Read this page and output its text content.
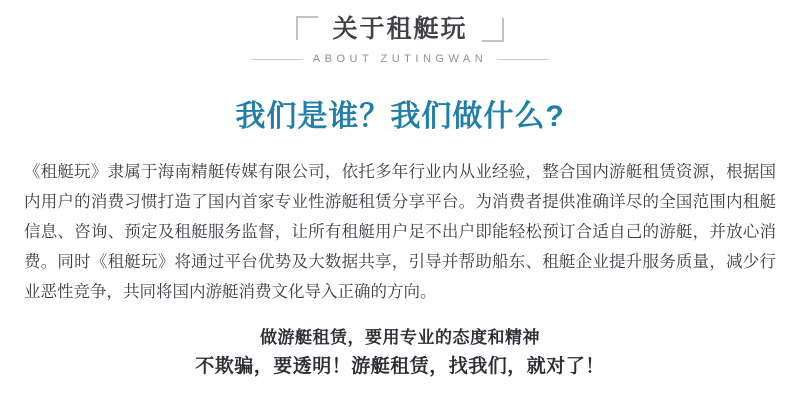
关于租艇玩
ABOUT ZUTINGWAN
我们是谁？我们做什么?
《租艇玩》隶属于海南精艇传媒有限公司，依托多年行业内从业经验，整合国内游艇租赁资源，根据国内用户的消费习惯打造了国内首家专业性游艇租赁分享平台。为消费者提供准确详尽的全国范围内租艇信息、咨询、预定及租艇服务监督，让所有租艇用户足不出户即能轻松预订合适自己的游艇，并放心消费。同时《租艇玩》将通过平台优势及大数据共享，引导并帮助船东、租艇企业提升服务质量，减少行业恶性竞争，共同将国内游艇消费文化导入正确的方向。
做游艇租赁，要用专业的态度和精神
不欺骗，要透明！游艇租赁，找我们，就对了！
